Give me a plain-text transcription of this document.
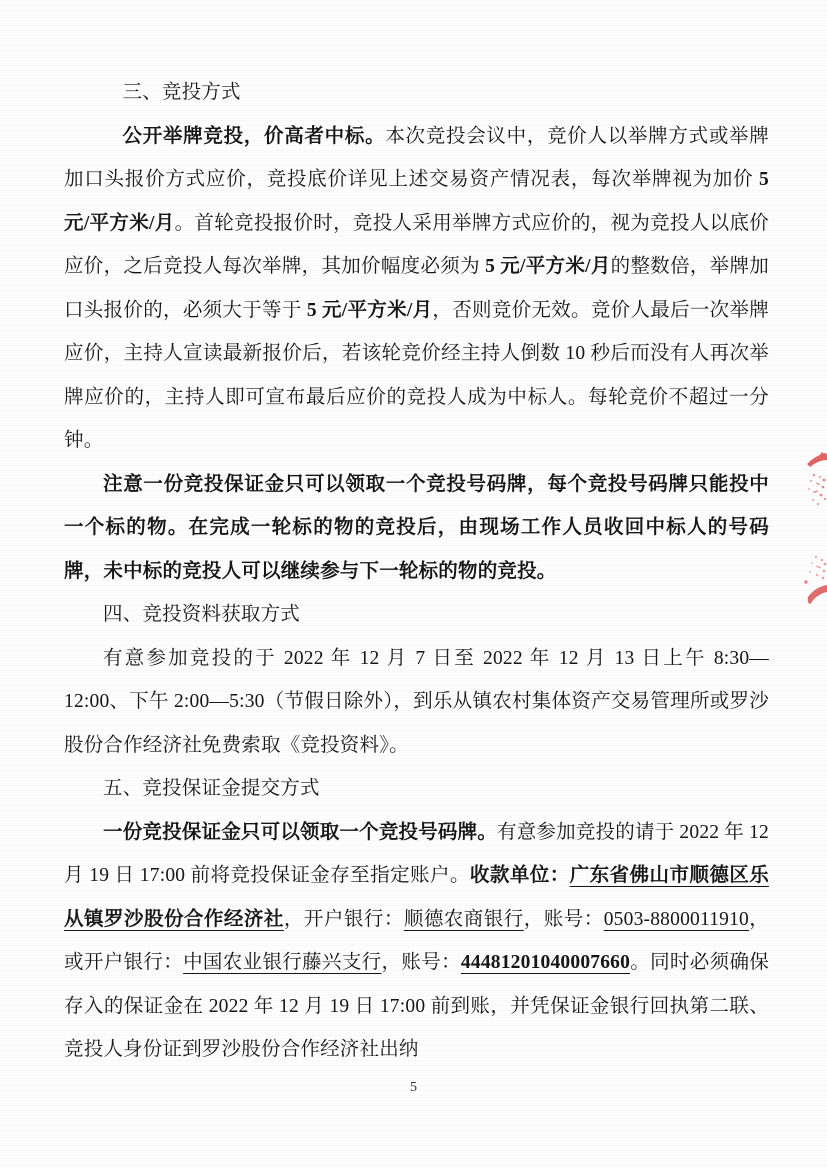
三、竞投方式

公开举牌竞投，价高者中标。本次竞投会议中，竞价人以举牌方式或举牌加口头报价方式应价，竞投底价详见上述交易资产情况表，每次举牌视为加价 5 元/平方米/月。首轮竞投报价时，竞投人采用举牌方式应价的，视为竞投人以底价应价，之后竞投人每次举牌，其加价幅度必须为 5 元/平方米/月的整数倍，举牌加口头报价的，必须大于等于 5 元/平方米/月，否则竞价无效。竞价人最后一次举牌应价，主持人宣读最新报价后，若该轮竞价经主持人倒数 10 秒后而没有人再次举牌应价的，主持人即可宣布最后应价的竞投人成为中标人。每轮竞价不超过一分钟。

注意一份竞投保证金只可以领取一个竞投号码牌，每个竞投号码牌只能投中一个标的物。在完成一轮标的物的竞投后，由现场工作人员收回中标人的号码牌，未中标的竞投人可以继续参与下一轮标的物的竞投。

四、竞投资料获取方式

有意参加竞投的于 2022 年 12 月 7 日至 2022 年 12 月 13 日上午 8:30—12:00、下午 2:00—5:30（节假日除外），到乐从镇农村集体资产交易管理所或罗沙股份合作经济社免费索取《竞投资料》。

五、竞投保证金提交方式

一份竞投保证金只可以领取一个竞投号码牌。有意参加竞投的请于 2022 年 12 月 19 日 17:00 前将竞投保证金存至指定账户。收款单位：广东省佛山市顺德区乐从镇罗沙股份合作经济社，开户银行：顺德农商银行，账号：0503-8800011910，或开户银行：中国农业银行藤兴支行，账号：44481201040007660。同时必须确保存入的保证金在 2022 年 12 月 19 日 17:00 前到账，并凭保证金银行回执第二联、竞投人身份证到罗沙股份合作经济社出纳

5
